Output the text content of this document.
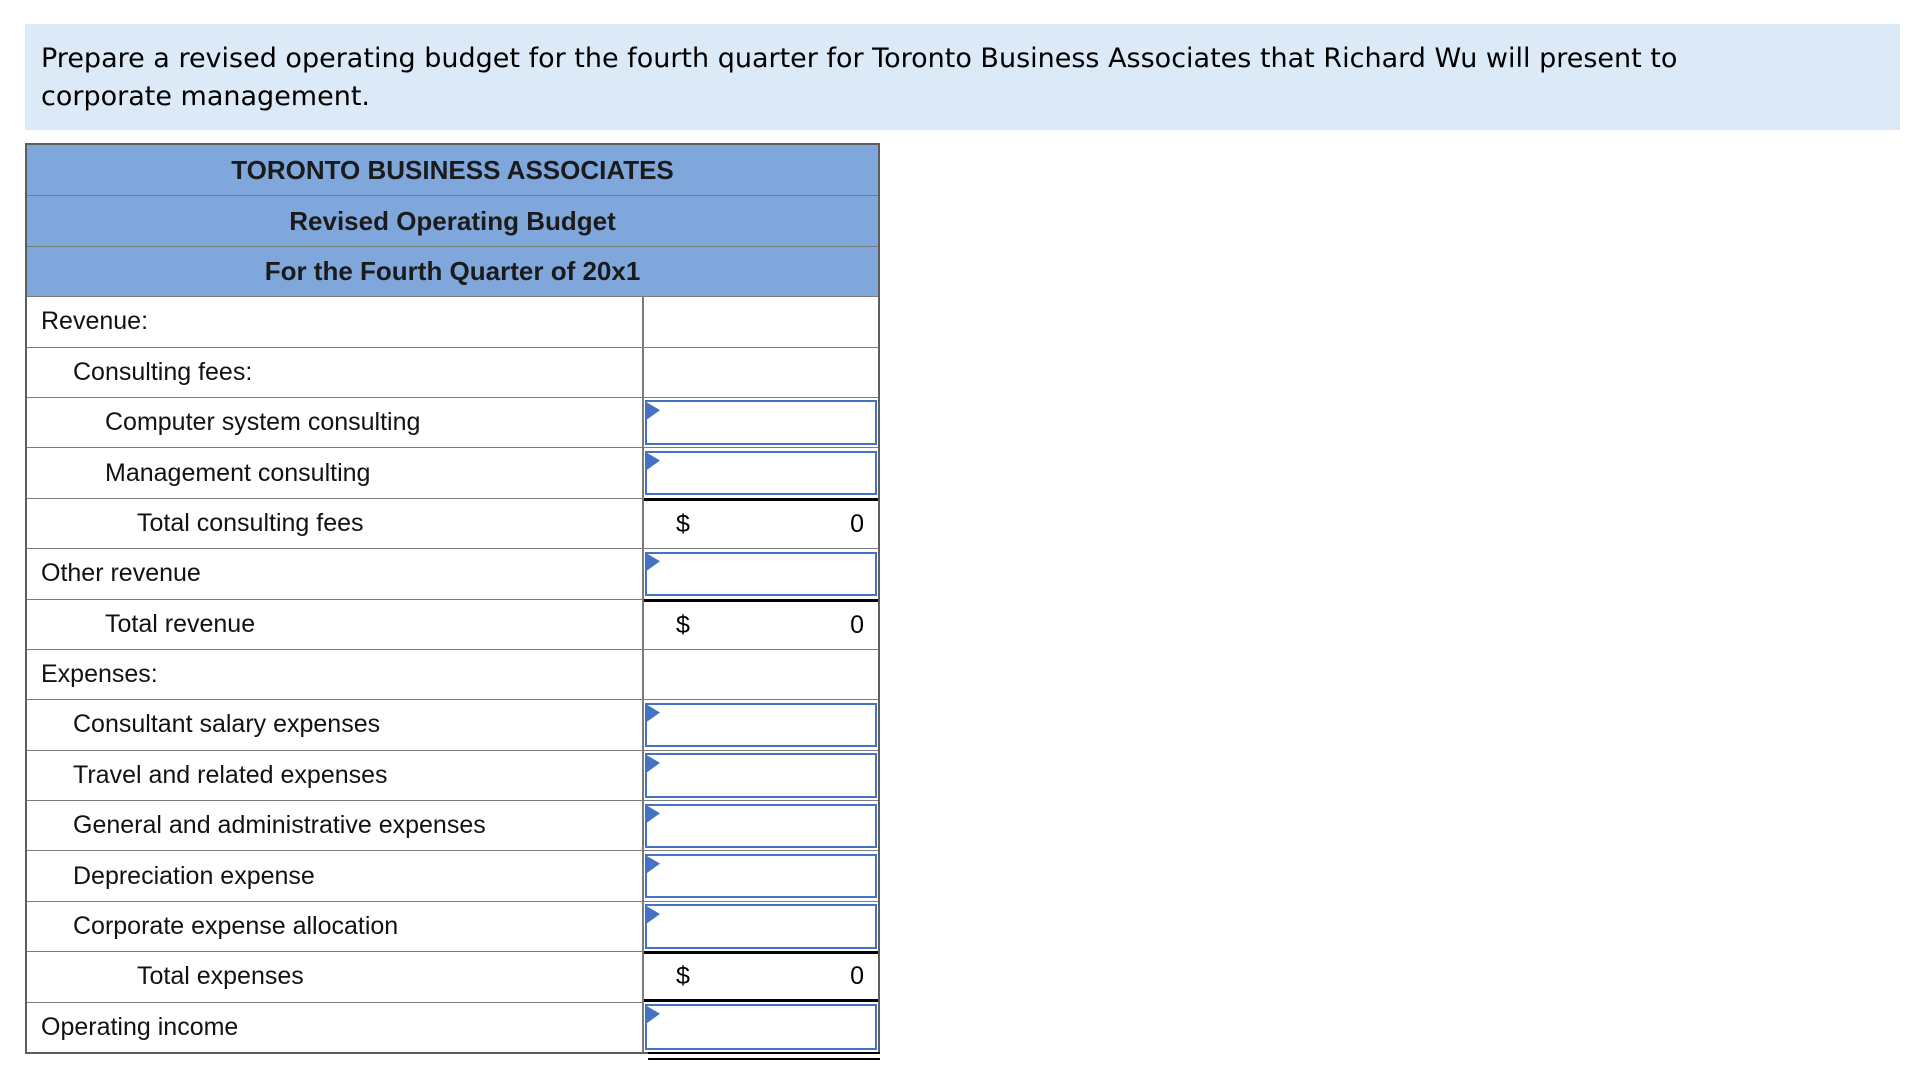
Prepare a revised operating budget for the fourth quarter for Toronto Business Associates that Richard Wu will present to
corporate management.
TORONTO BUSINESS ASSOCIATES
Revised Operating Budget
For the Fourth Quarter of 20x1
Revenue:
Consulting fees:
Computer system consulting
Management consulting
Total consulting fees	$	0
Other revenue
Total revenue	$	0
Expenses:
Consultant salary expenses
Travel and related expenses
General and administrative expenses
Depreciation expense
Corporate expense allocation
Total expenses	$	0
Operating income
